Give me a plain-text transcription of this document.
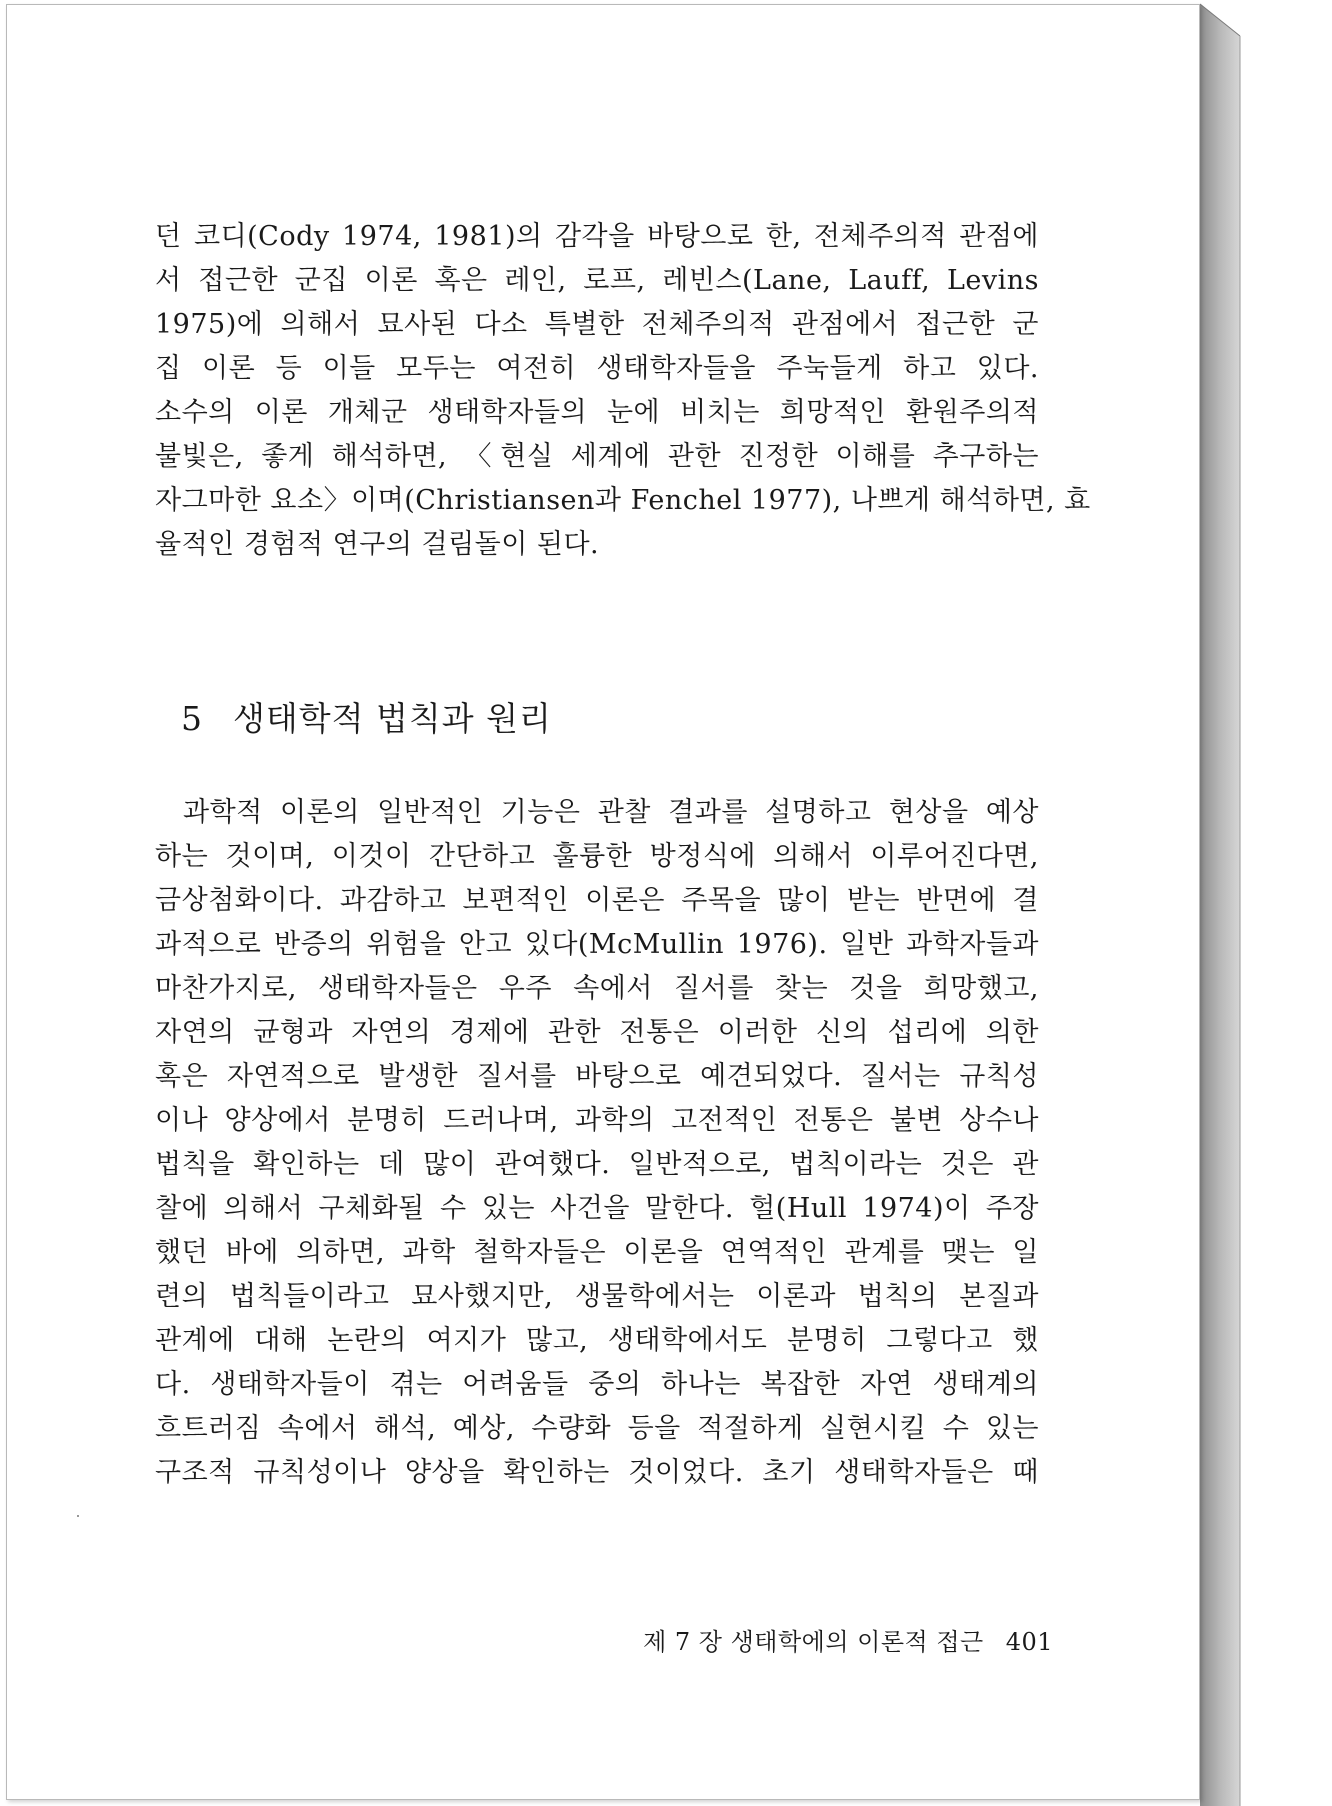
던 코디(Cody 1974, 1981)의 감각을 바탕으로 한, 전체주의적 관점에
서 접근한 군집 이론 혹은 레인, 로프, 레빈스(Lane, Lauff, Levins
1975)에 의해서 묘사된 다소 특별한 전체주의적 관점에서 접근한 군
집 이론 등 이들 모두는 여전히 생태학자들을 주눅들게 하고 있다.
소수의 이론 개체군 생태학자들의 눈에 비치는 희망적인 환원주의적
불빛은, 좋게 해석하면, 〈현실 세계에 관한 진정한 이해를 추구하는
자그마한 요소〉이며(Christiansen과 Fenchel 1977), 나쁘게 해석하면, 효
율적인 경험적 연구의 걸림돌이 된다.
5 생태학적 법칙과 원리
과학적 이론의 일반적인 기능은 관찰 결과를 설명하고 현상을 예상
하는 것이며, 이것이 간단하고 훌륭한 방정식에 의해서 이루어진다면,
금상첨화이다. 과감하고 보편적인 이론은 주목을 많이 받는 반면에 결
과적으로 반증의 위험을 안고 있다(McMullin 1976). 일반 과학자들과
마찬가지로, 생태학자들은 우주 속에서 질서를 찾는 것을 희망했고,
자연의 균형과 자연의 경제에 관한 전통은 이러한 신의 섭리에 의한
혹은 자연적으로 발생한 질서를 바탕으로 예견되었다. 질서는 규칙성
이나 양상에서 분명히 드러나며, 과학의 고전적인 전통은 불변 상수나
법칙을 확인하는 데 많이 관여했다. 일반적으로, 법칙이라는 것은 관
찰에 의해서 구체화될 수 있는 사건을 말한다. 헐(Hull 1974)이 주장
했던 바에 의하면, 과학 철학자들은 이론을 연역적인 관계를 맺는 일
련의 법칙들이라고 묘사했지만, 생물학에서는 이론과 법칙의 본질과
관계에 대해 논란의 여지가 많고, 생태학에서도 분명히 그렇다고 했
다. 생태학자들이 겪는 어려움들 중의 하나는 복잡한 자연 생태계의
흐트러짐 속에서 해석, 예상, 수량화 등을 적절하게 실현시킬 수 있는
구조적 규칙성이나 양상을 확인하는 것이었다. 초기 생태학자들은 때
제 7 장 생태학에의 이론적 접근 401
